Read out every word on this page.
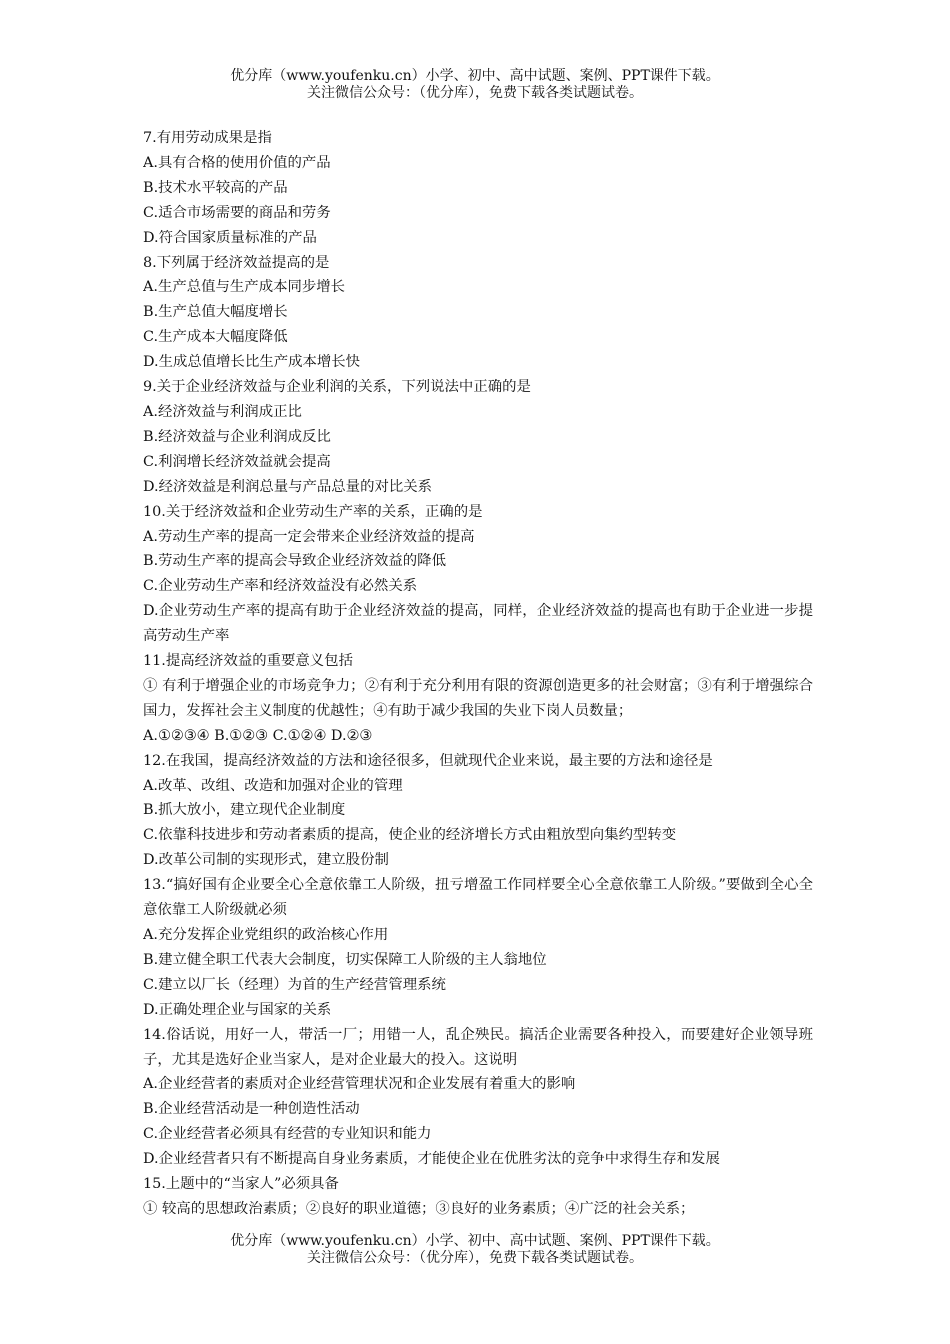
优分库（www.youfenku.cn）小学、初中、高中试题、案例、PPT课件下载。
关注微信公众号：（优分库），免费下载各类试题试卷。
7.有用劳动成果是指
A.具有合格的使用价值的产品
B.技术水平较高的产品
C.适合市场需要的商品和劳务
D.符合国家质量标准的产品
8.下列属于经济效益提高的是
A.生产总值与生产成本同步增长
B.生产总值大幅度增长
C.生产成本大幅度降低
D.生成总值增长比生产成本增长快
9.关于企业经济效益与企业利润的关系，下列说法中正确的是
A.经济效益与利润成正比
B.经济效益与企业利润成反比
C.利润增长经济效益就会提高
D.经济效益是利润总量与产品总量的对比关系
10.关于经济效益和企业劳动生产率的关系，正确的是
A.劳动生产率的提高一定会带来企业经济效益的提高
B.劳动生产率的提高会导致企业经济效益的降低
C.企业劳动生产率和经济效益没有必然关系
D.企业劳动生产率的提高有助于企业经济效益的提高，同样，企业经济效益的提高也有助于企业进一步提高劳动生产率
11.提高经济效益的重要意义包括
① 有利于增强企业的市场竞争力；②有利于充分利用有限的资源创造更多的社会财富；③有利于增强综合国力，发挥社会主义制度的优越性；④有助于减少我国的失业下岗人员数量；
A.①②③④ B.①②③ C.①②④ D.②③
12.在我国，提高经济效益的方法和途径很多，但就现代企业来说，最主要的方法和途径是
A.改革、改组、改造和加强对企业的管理
B.抓大放小，建立现代企业制度
C.依靠科技进步和劳动者素质的提高，使企业的经济增长方式由粗放型向集约型转变
D.改革公司制的实现形式，建立股份制
13.“搞好国有企业要全心全意依靠工人阶级，扭亏增盈工作同样要全心全意依靠工人阶级。”要做到全心全意依靠工人阶级就必须
A.充分发挥企业党组织的政治核心作用
B.建立健全职工代表大会制度，切实保障工人阶级的主人翁地位
C.建立以厂长（经理）为首的生产经营管理系统
D.正确处理企业与国家的关系
14.俗话说，用好一人，带活一厂；用错一人，乱企殃民。搞活企业需要各种投入，而要建好企业领导班子，尤其是选好企业当家人，是对企业最大的投入。这说明
A.企业经营者的素质对企业经营管理状况和企业发展有着重大的影响
B.企业经营活动是一种创造性活动
C.企业经营者必须具有经营的专业知识和能力
D.企业经营者只有不断提高自身业务素质，才能使企业在优胜劣汰的竞争中求得生存和发展
15.上题中的“当家人”必须具备
① 较高的思想政治素质；②良好的职业道德；③良好的业务素质；④广泛的社会关系；
优分库（www.youfenku.cn）小学、初中、高中试题、案例、PPT课件下载。
关注微信公众号：（优分库），免费下载各类试题试卷。
